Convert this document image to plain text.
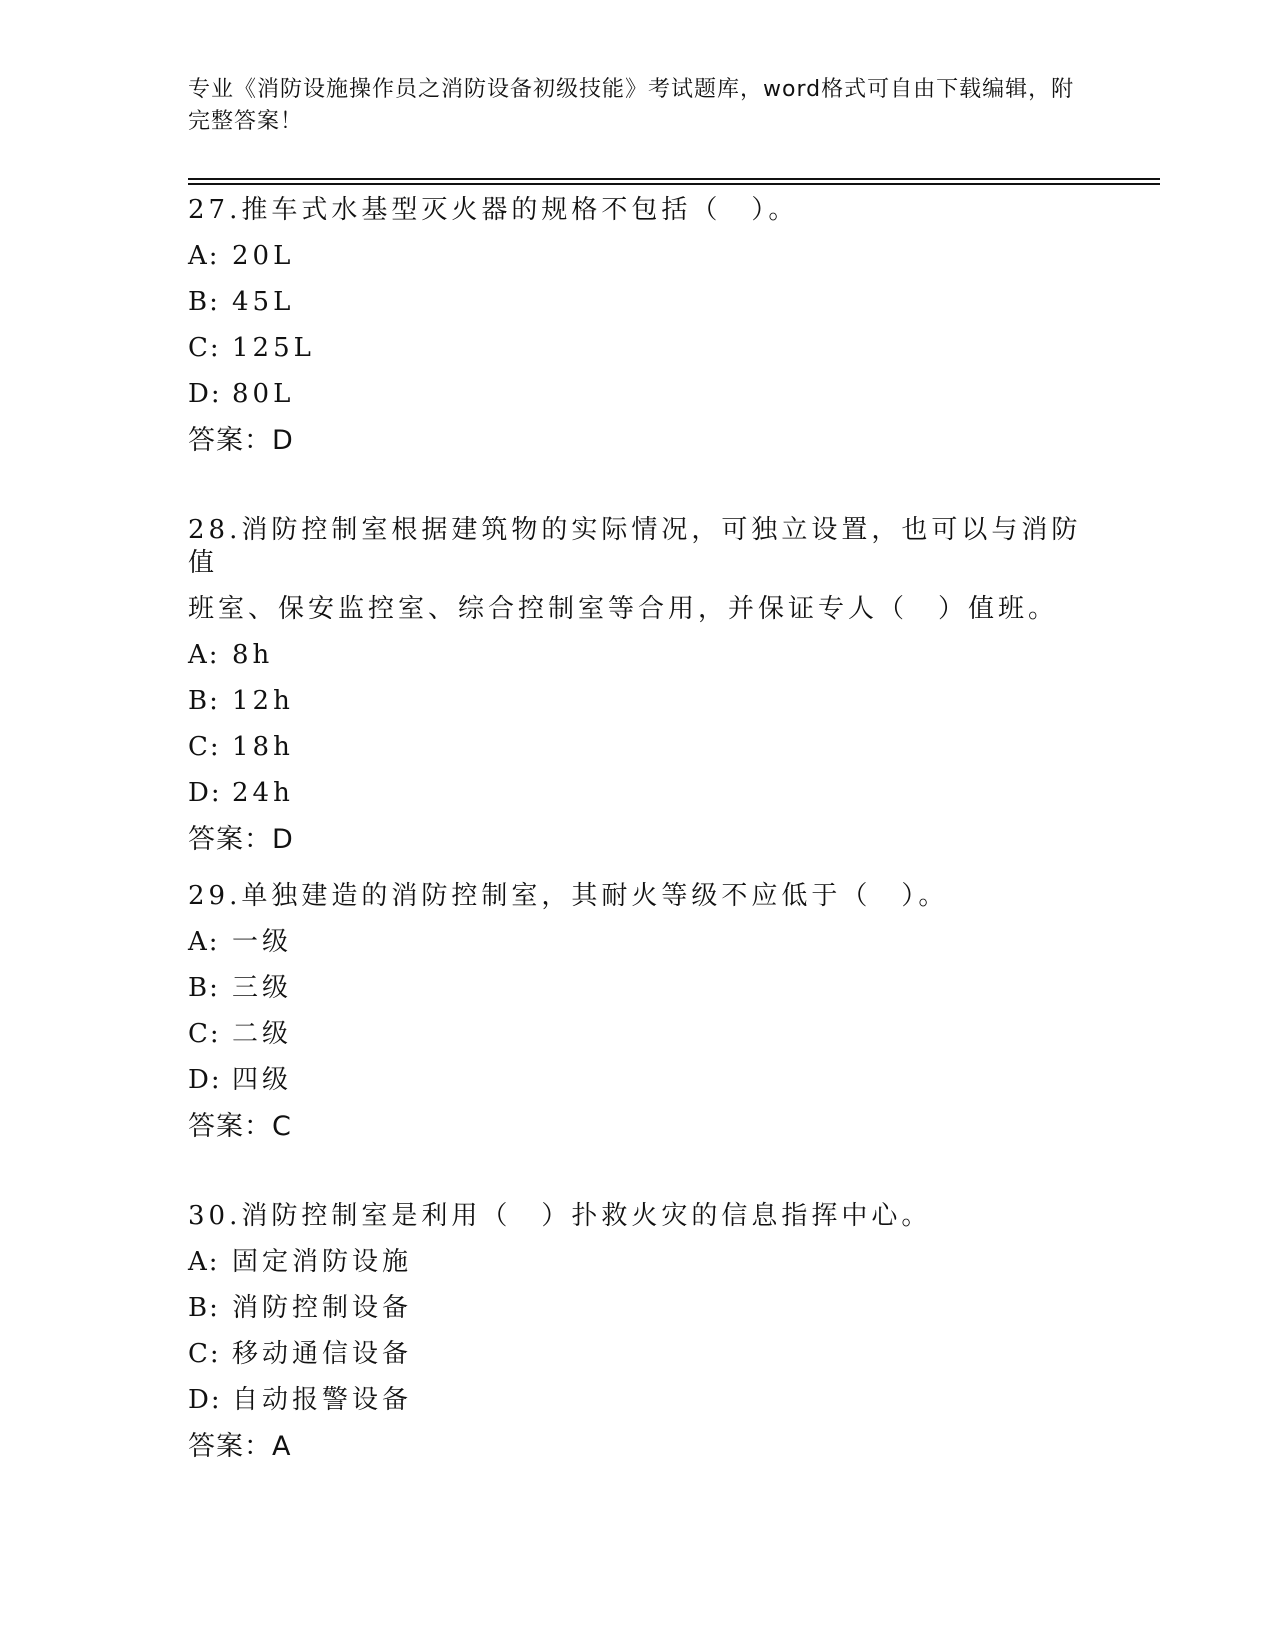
专业《消防设施操作员之消防设备初级技能》考试题库，word格式可自由下载编辑，附完整答案！
27.推车式水基型灭火器的规格不包括（　）。
A: 20L
B: 45L
C: 125L
D: 80L
答案：D
28.消防控制室根据建筑物的实际情况，可独立设置，也可以与消防值
班室、保安监控室、综合控制室等合用，并保证专人（　）值班。
A: 8h
B: 12h
C: 18h
D: 24h
答案：D
29.单独建造的消防控制室，其耐火等级不应低于（　）。
A: 一级
B: 三级
C: 二级
D: 四级
答案：C
30.消防控制室是利用（　）扑救火灾的信息指挥中心。
A: 固定消防设施
B: 消防控制设备
C: 移动通信设备
D: 自动报警设备
答案：A
